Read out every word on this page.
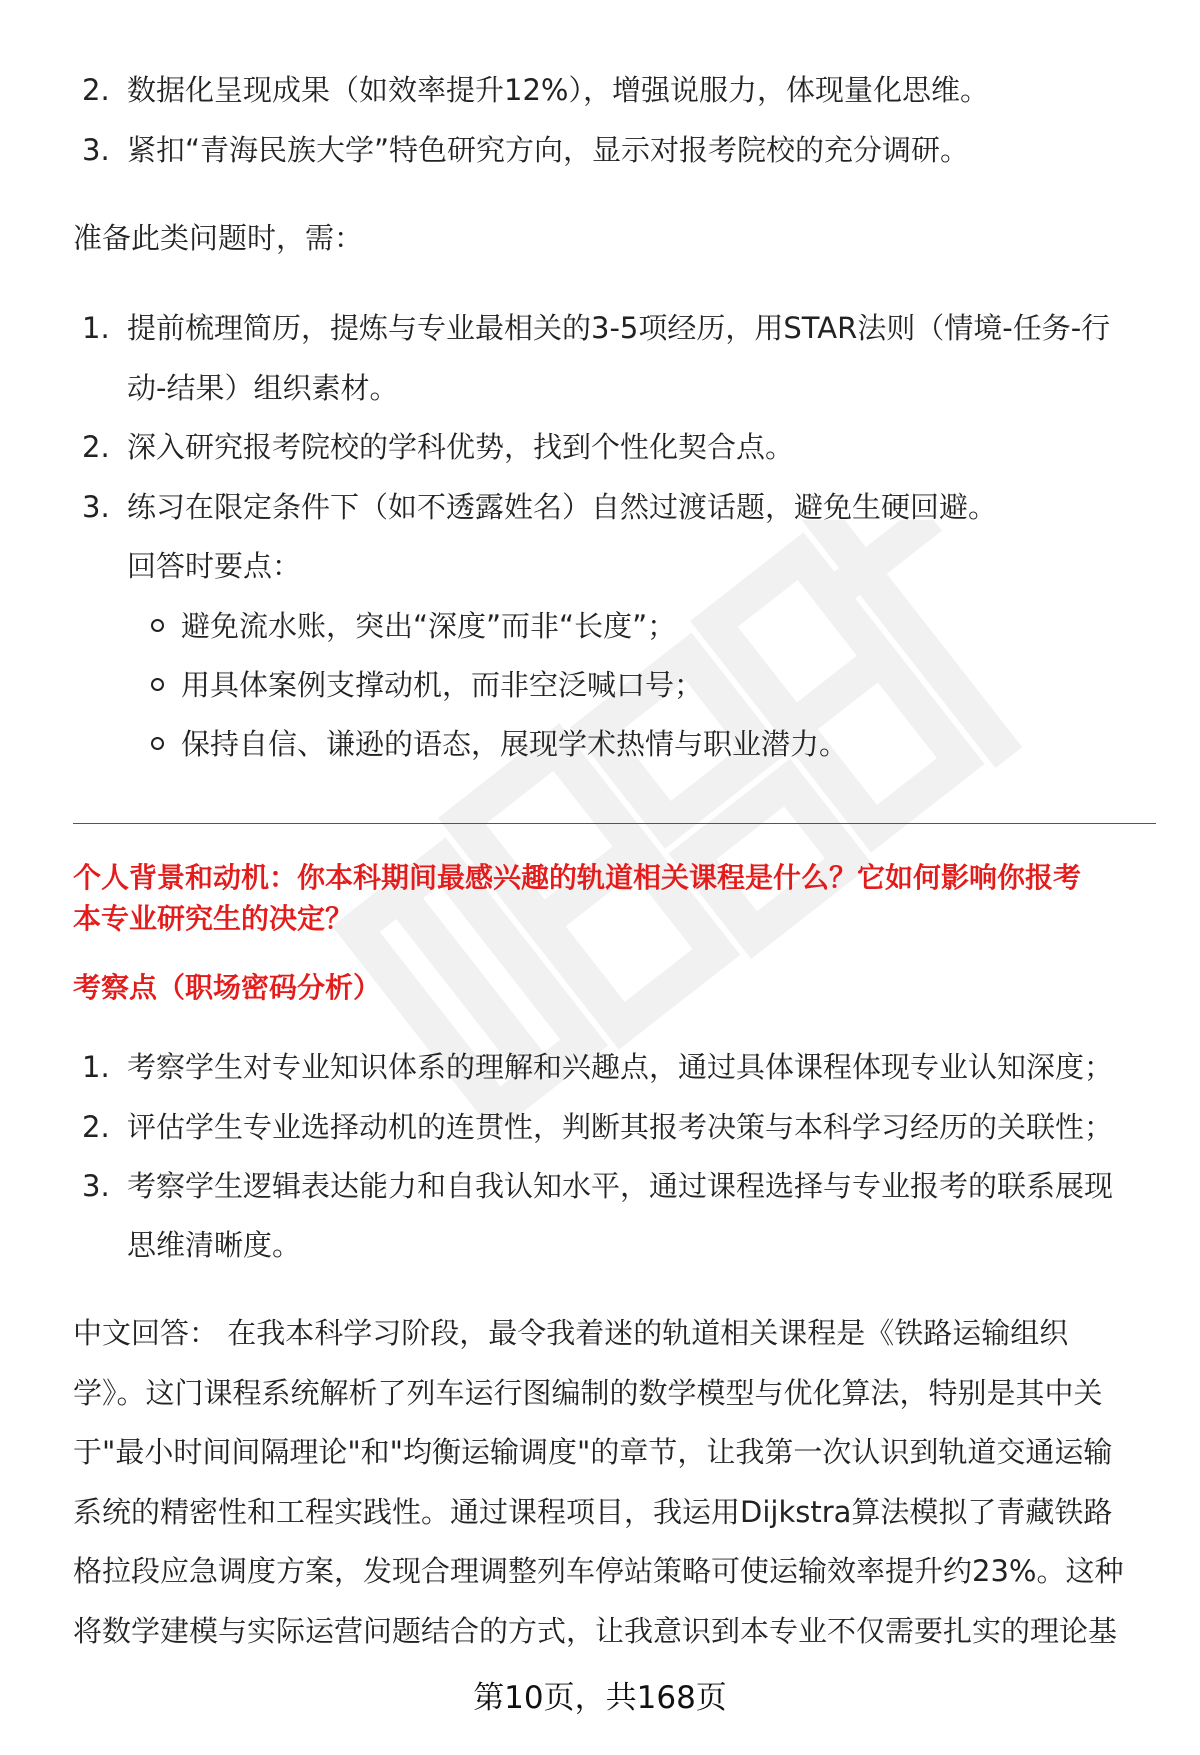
2. 数据化呈现成果（如效率提升12%），增强说服力，体现量化思维。
3. 紧扣“青海民族大学”特色研究方向，显示对报考院校的充分调研。
准备此类问题时，需：
1. 提前梳理简历，提炼与专业最相关的3-5项经历，用STAR法则（情境-任务-行
动-结果）组织素材。
2. 深入研究报考院校的学科优势，找到个性化契合点。
3. 练习在限定条件下（如不透露姓名）自然过渡话题，避免生硬回避。
回答时要点：
避免流水账，突出“深度”而非“长度”；
用具体案例支撑动机，而非空泛喊口号；
保持自信、谦逊的语态，展现学术热情与职业潜力。
个人背景和动机：你本科期间最感兴趣的轨道相关课程是什么？它如何影响你报考
本专业研究生的决定？
考察点（职场密码分析）
1. 考察学生对专业知识体系的理解和兴趣点，通过具体课程体现专业认知深度；
2. 评估学生专业选择动机的连贯性，判断其报考决策与本科学习经历的关联性；
3. 考察学生逻辑表达能力和自我认知水平，通过课程选择与专业报考的联系展现
思维清晰度。
中文回答： 在我本科学习阶段，最令我着迷的轨道相关课程是《铁路运输组织
学》。这门课程系统解析了列车运行图编制的数学模型与优化算法，特别是其中关
于"最小时间间隔理论"和"均衡运输调度"的章节，让我第一次认识到轨道交通运输
系统的精密性和工程实践性。通过课程项目，我运用Dijkstra算法模拟了青藏铁路
格拉段应急调度方案，发现合理调整列车停站策略可使运输效率提升约23%。这种
将数学建模与实际运营问题结合的方式，让我意识到本专业不仅需要扎实的理论基
第10页，共168页
